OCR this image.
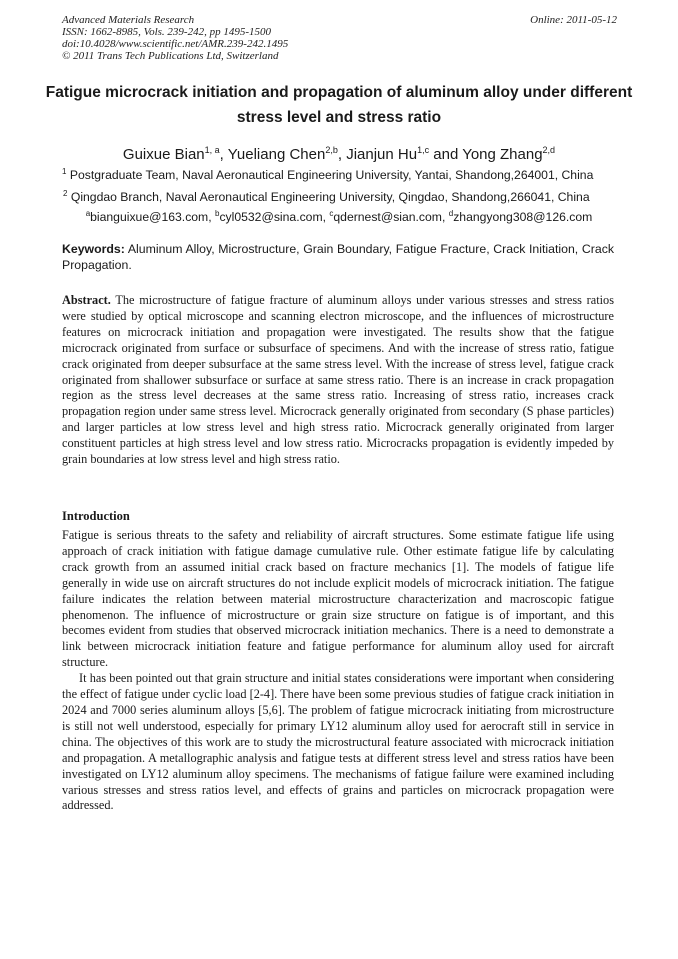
Advanced Materials Research
ISSN: 1662-8985, Vols. 239-242, pp 1495-1500
doi:10.4028/www.scientific.net/AMR.239-242.1495
© 2011 Trans Tech Publications Ltd, Switzerland
Online: 2011-05-12
Fatigue microcrack initiation and propagation of aluminum alloy under different stress level and stress ratio
Guixue Bian$^{1, a}$, Yueliang Chen$^{2,b}$, Jianjun Hu$^{1,c}$ and Yong Zhang$^{2,d}$
$^1$ Postgraduate Team, Naval Aeronautical Engineering University, Yantai, Shandong,264001, China
$^2$ Qingdao Branch, Naval Aeronautical Engineering University, Qingdao, Shandong,266041, China
$^a$bianguixue@163.com, $^b$cyl0532@sina.com, $^c$qdernest@sian.com, $^d$zhangyong308@126.com
Keywords: Aluminum Alloy, Microstructure, Grain Boundary, Fatigue Fracture, Crack Initiation, Crack Propagation.
Abstract. The microstructure of fatigue fracture of aluminum alloys under various stresses and stress ratios were studied by optical microscope and scanning electron microscope, and the influences of microstructure features on microcrack initiation and propagation were investigated. The results show that the fatigue microcrack originated from surface or subsurface of specimens. And with the increase of stress ratio, fatigue crack originated from deeper subsurface at the same stress level. With the increase of stress level, fatigue crack originated from shallower subsurface or surface at same stress ratio. There is an increase in crack propagation region as the stress level decreases at the same stress ratio. Increasing of stress ratio, increases crack propagation region under same stress level. Microcrack generally originated from secondary (S phase particles) and larger particles at low stress level and high stress ratio. Microcrack generally originated from larger constituent particles at high stress level and low stress ratio. Microcracks propagation is evidently impeded by grain boundaries at low stress level and high stress ratio.
Introduction

Fatigue is serious threats to the safety and reliability of aircraft structures. Some estimate fatigue life using approach of crack initiation with fatigue damage cumulative rule. Other estimate fatigue life by calculating crack growth from an assumed initial crack based on fracture mechanics [1]. The models of fatigue life generally in wide use on aircraft structures do not include explicit models of microcrack initiation. The fatigue failure indicates the relation between material microstructure characterization and macroscopic fatigue phenomenon. The influence of microstructure or grain size structure on fatigue is of important, and this becomes evident from studies that observed microcrack initiation mechanics. There is a need to demonstrate a link between microcrack initiation feature and fatigue performance for aluminum alloy used for aircraft structure.

It has been pointed out that grain structure and initial states considerations were important when considering the effect of fatigue under cyclic load [2-4]. There have been some previous studies of fatigue crack initiation in 2024 and 7000 series aluminum alloys [5,6]. The problem of fatigue microcrack initiating from microstructure is still not well understood, especially for primary LY12 aluminum alloy used for aerocraft still in service in china. The objectives of this work are to study the microstructural feature associated with microcrack initiation and propagation. A metallographic analysis and fatigue tests at different stress level and stress ratios have been investigated on LY12 aluminum alloy specimens. The mechanisms of fatigue failure were examined including various stresses and stress ratios level, and effects of grains and particles on microcrack propagation were addressed.
